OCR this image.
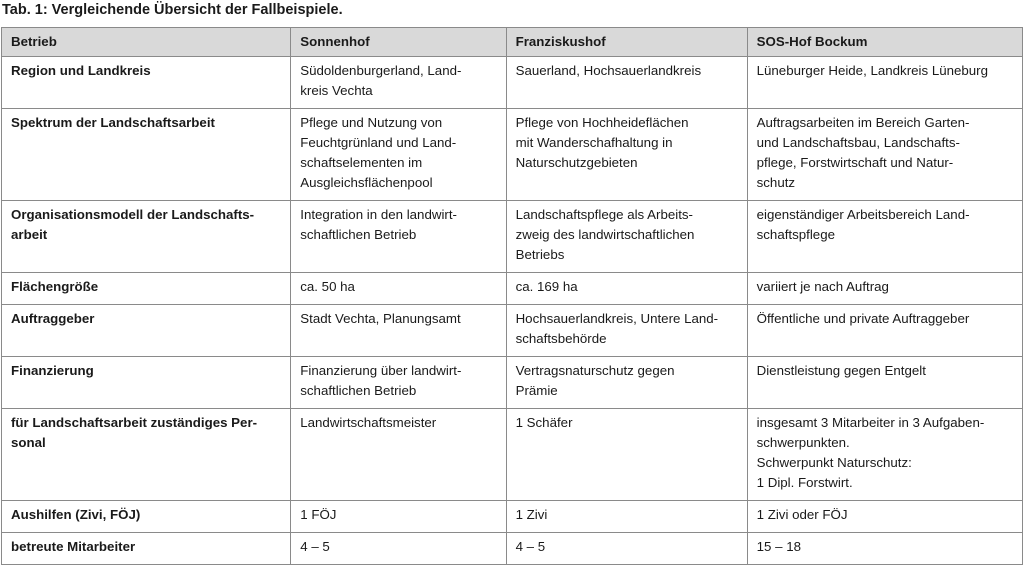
Tab. 1: Vergleichende Übersicht der Fallbeispiele.
Betrieb	Sonnenhof	Franziskushof	SOS-Hof Bockum

Region und Landkreis	Südoldenburgerland, Land-
kreis Vechta	Sauerland, Hochsauerlandkreis	Lüneburger Heide, Landkreis Lüneburg

Spektrum der Landschaftsarbeit	Pflege und Nutzung von
Feuchtgrünland und Land-
schaftselementen im
Ausgleichsflächenpool	Pflege von Hochheideflächen
mit Wanderschafhaltung in
Naturschutzgebieten	Auftragsarbeiten im Bereich Garten-
und Landschaftsbau, Landschafts-
pflege, Forstwirtschaft und Natur-
schutz

Organisationsmodell der Landschafts-
arbeit	Integration in den landwirt-
schaftlichen Betrieb	Landschaftspflege als Arbeits-
zweig des landwirtschaftlichen
Betriebs	eigenständiger Arbeitsbereich Land-
schaftspflege

Flächengröße	ca. 50 ha	ca. 169 ha	variiert je nach Auftrag

Auftraggeber	Stadt Vechta, Planungsamt	Hochsauerlandkreis, Untere Land-
schaftsbehörde	Öffentliche und private Auftraggeber

Finanzierung	Finanzierung über landwirt-
schaftlichen Betrieb	Vertragsnaturschutz gegen
Prämie	Dienstleistung gegen Entgelt

für Landschaftsarbeit zuständiges Per-
sonal	Landwirtschaftsmeister	1 Schäfer	insgesamt 3 Mitarbeiter in 3 Aufgaben-
schwerpunkten.
Schwerpunkt Naturschutz:
1 Dipl. Forstwirt.

Aushilfen (Zivi, FÖJ)	1 FÖJ	1 Zivi	1 Zivi oder FÖJ

betreute Mitarbeiter	4 – 5	4 – 5	15 – 18
